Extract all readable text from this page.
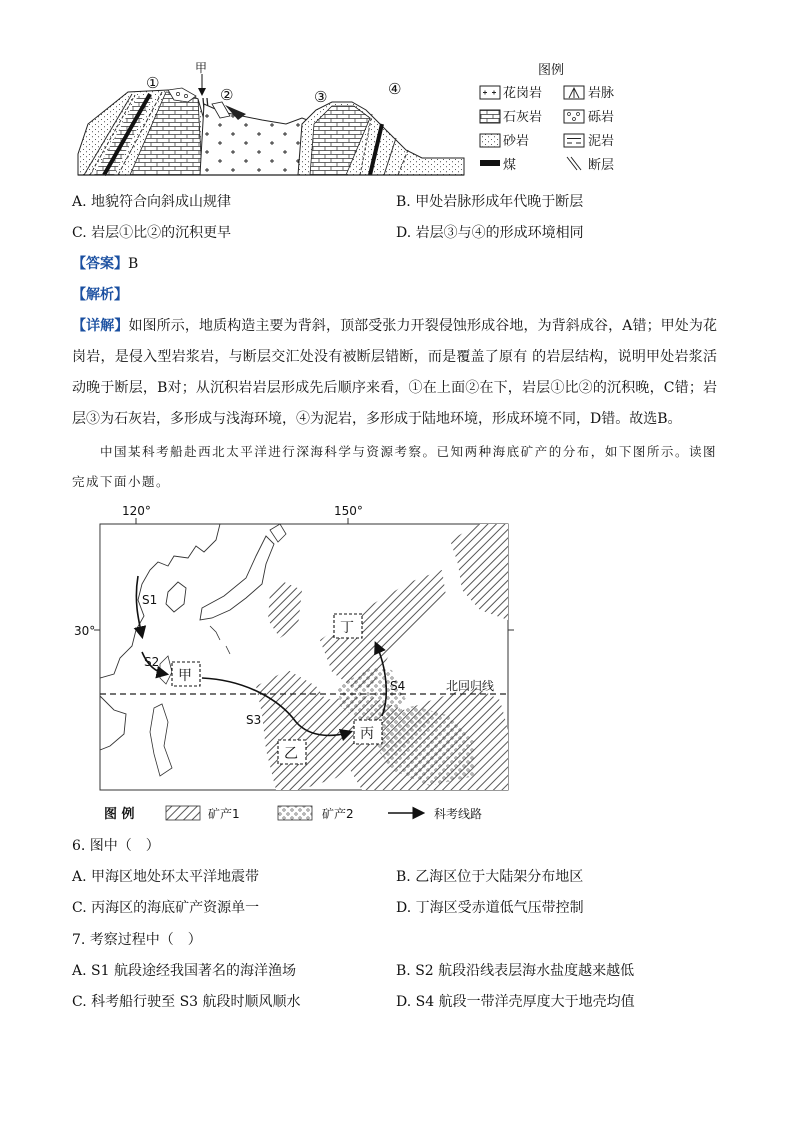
①
甲
②	③	④
图例
花岗岩	岩脉
石灰岩	砾岩
砂岩	泥岩
煤	断层
A. 地貌符合向斜成山规律	B. 甲处岩脉形成年代晚于断层
C. 岩层①比②的沉积更早	D. 岩层③与④的形成环境相同
【答案】B
【解析】
【详解】如图所示，地质构造主要为背斜，顶部受张力开裂侵蚀形成谷地，为背斜成谷，A错；甲处为花岗岩，是侵入型岩浆岩，与断层交汇处没有被断层错断，而是覆盖了原有 的岩层结构，说明甲处岩浆活动晚于断层，B对；从沉积岩岩层形成先后顺序来看，①在上面②在下，岩层①比②的沉积晚，C错；岩层③为石灰岩，多形成与浅海环境，④为泥岩，多形成于陆地环境，形成环境不同，D错。故选B。
中国某科考船赴西北太平洋进行深海科学与资源考察。已知两种海底矿产的分布，如下图所示。读图完成下面小题。
120°	150°
30°
北回归线
S1
S2
S3
S4
甲
乙
丙
丁
图 例	矿产1	矿产2	科考线路
6. 图中（　）
A. 甲海区地处环太平洋地震带	B. 乙海区位于大陆架分布地区
C. 丙海区的海底矿产资源单一	D. 丁海区受赤道低气压带控制
7. 考察过程中（　）
A. S1 航段途经我国著名的海洋渔场	B. S2 航段沿线表层海水盐度越来越低
C. 科考船行驶至 S3 航段时顺风顺水	D. S4 航段一带洋壳厚度大于地壳均值
